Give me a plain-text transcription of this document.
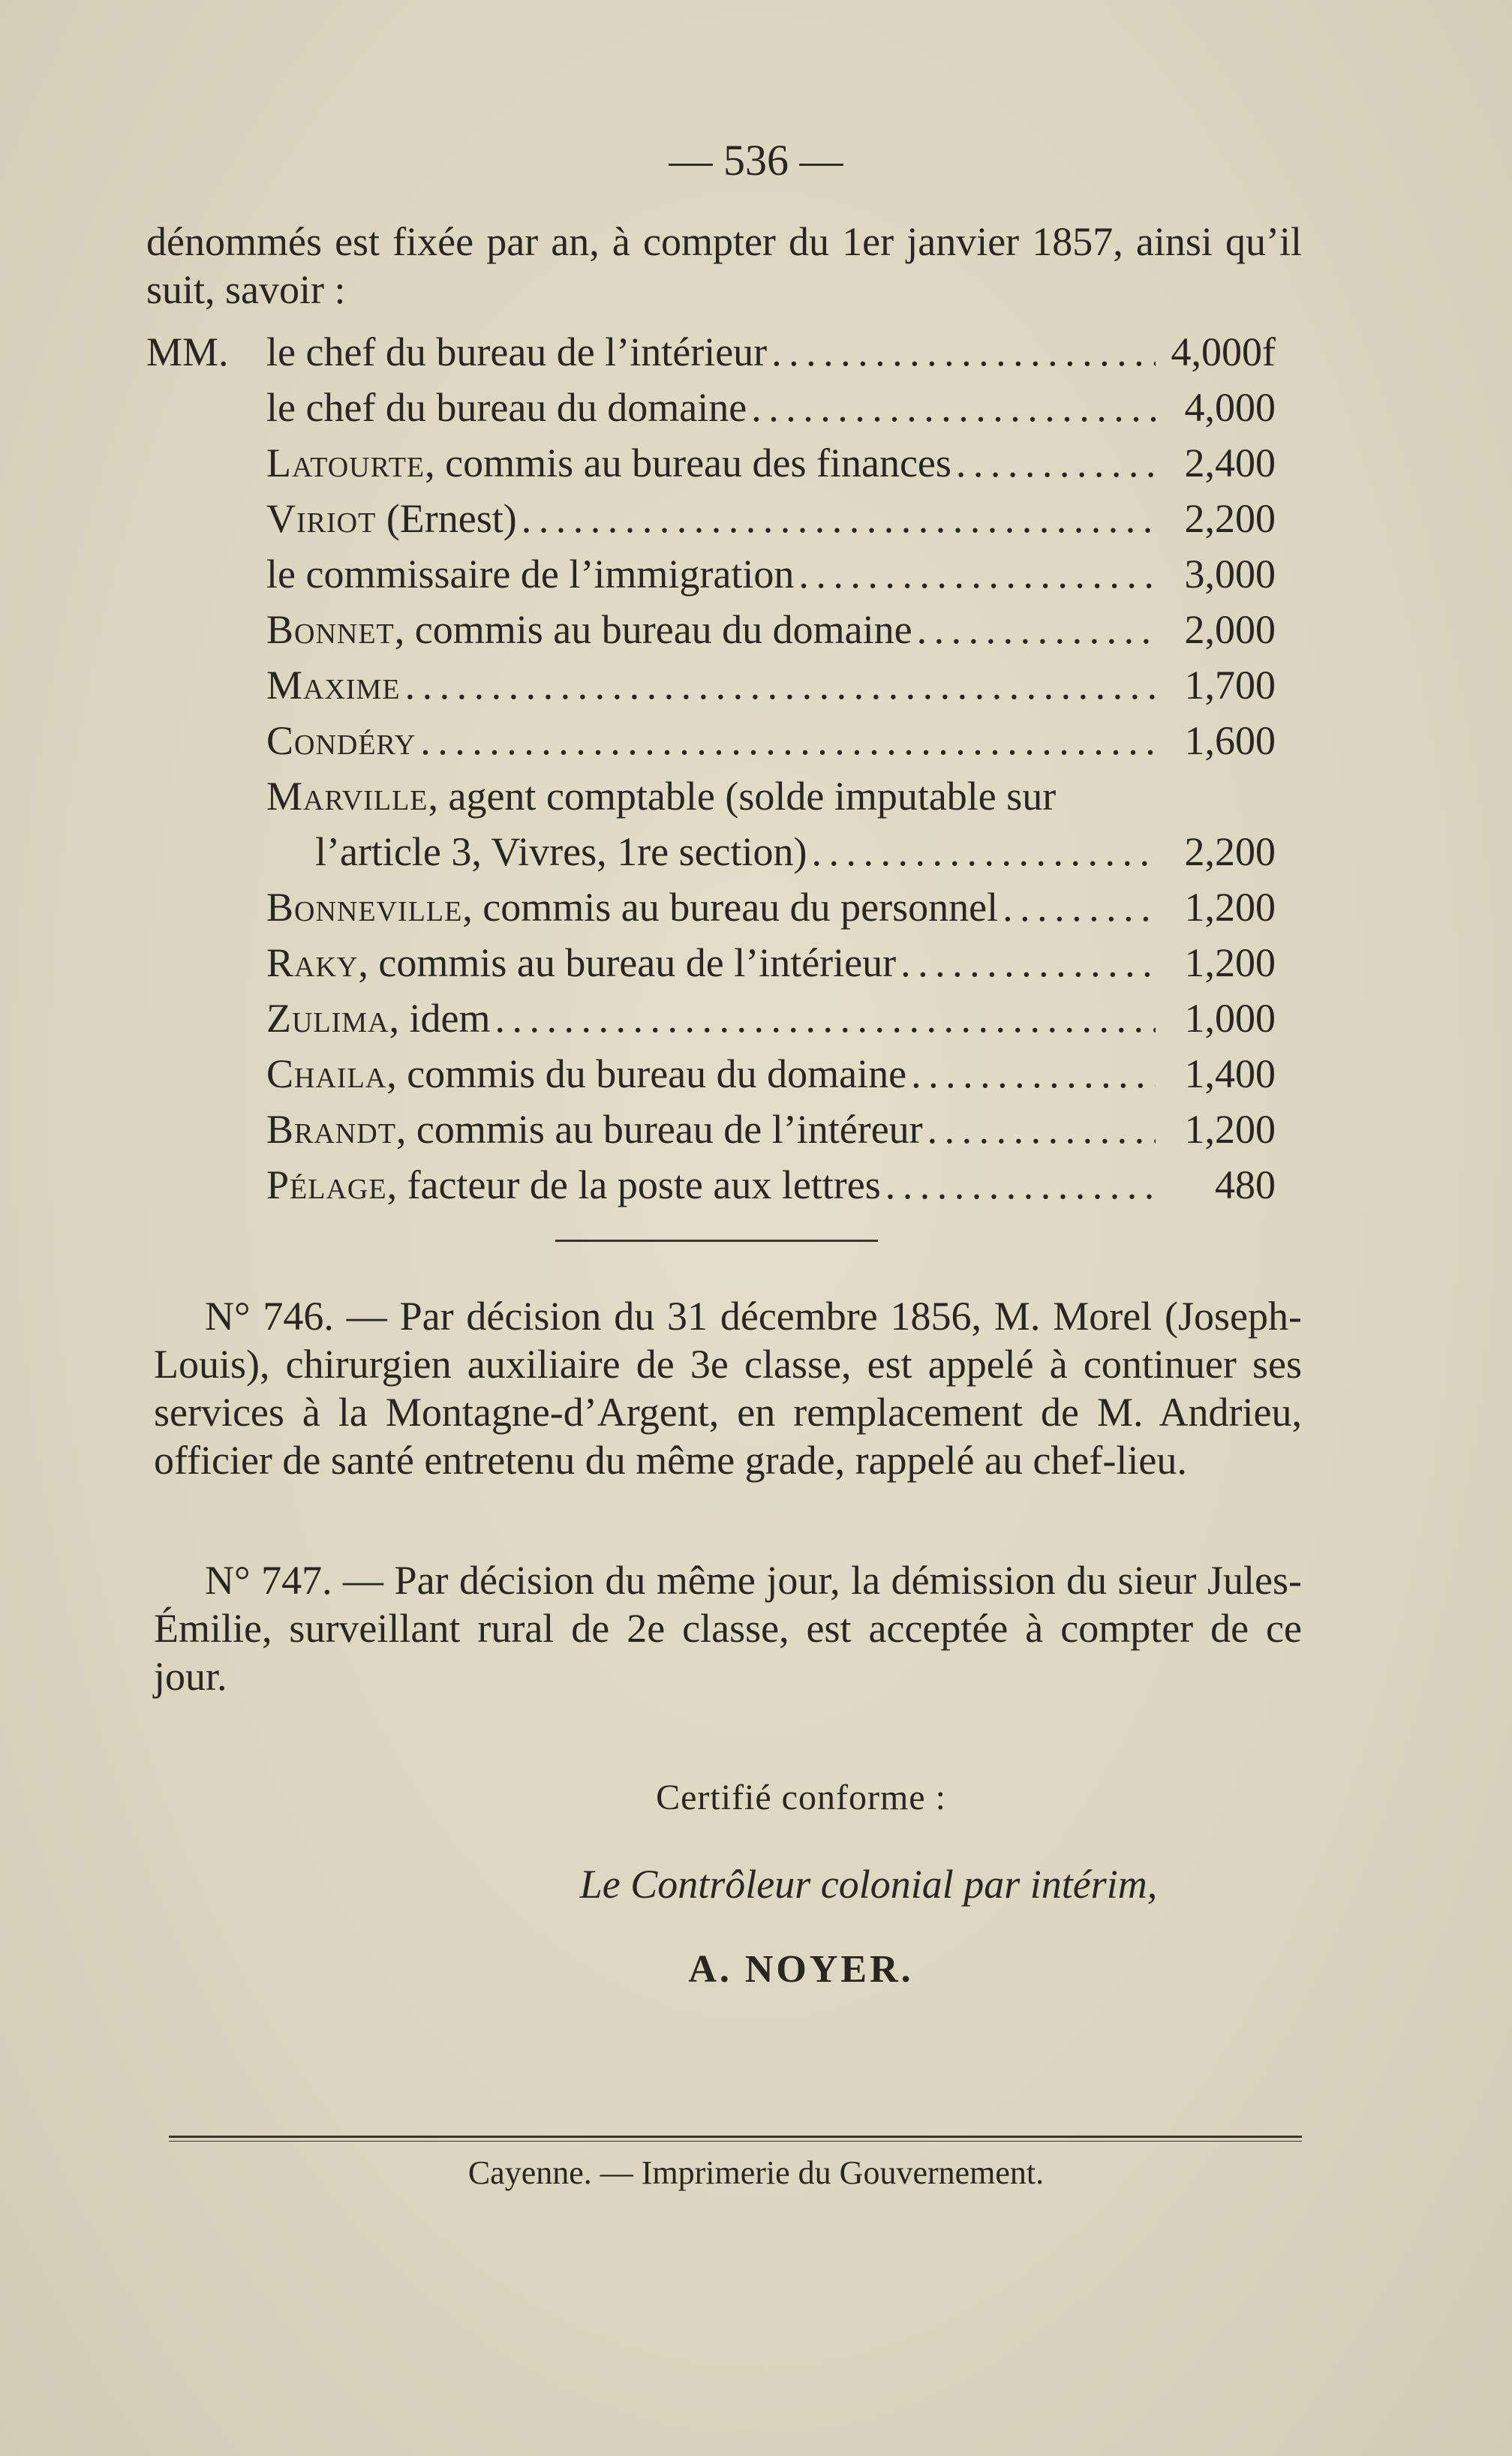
— 536 —
dénommés est fixée par an, à compter du 1er janvier 1857, ainsi qu’il suit, savoir :
MM. le chef du bureau de l’intérieur . . .	4,000f
le chef du bureau du domaine . . .	4,000
Latourte, commis au bureau des finances . . .	2,400
Viriot (Ernest) . . .	2,200
le commissaire de l’immigration . . .	3,000
Bonnet, commis au bureau du domaine . . .	2,000
Maxime . . .	1,700
Condéry . . .	1,600
Marville, agent comptable (solde imputable sur
l’article 3, Vivres, 1re section) . . .	2,200
Bonneville, commis au bureau du personnel . . .	1,200
Raky, commis au bureau de l’intérieur . . .	1,200
Zulima, idem . . .	1,000
Chaila, commis du bureau du domaine . . .	1,400
Brandt, commis au bureau de l’intéreur . . .	1,200
Pélage, facteur de la poste aux lettres . . .	480
N° 746. — Par décision du 31 décembre 1856, M. Morel (Joseph-Louis), chirurgien auxiliaire de 3e classe, est appelé à continuer ses services à la Montagne-d’Argent, en remplacement de M. Andrieu, officier de santé entretenu du même grade, rappelé au chef-lieu.
N° 747. — Par décision du même jour, la démission du sieur Jules-Émilie, surveillant rural de 2e classe, est acceptée à compter de ce jour.
Certifié conforme :
Le Contrôleur colonial par intérim,
A. NOYER.
Cayenne. — Imprimerie du Gouvernement.
